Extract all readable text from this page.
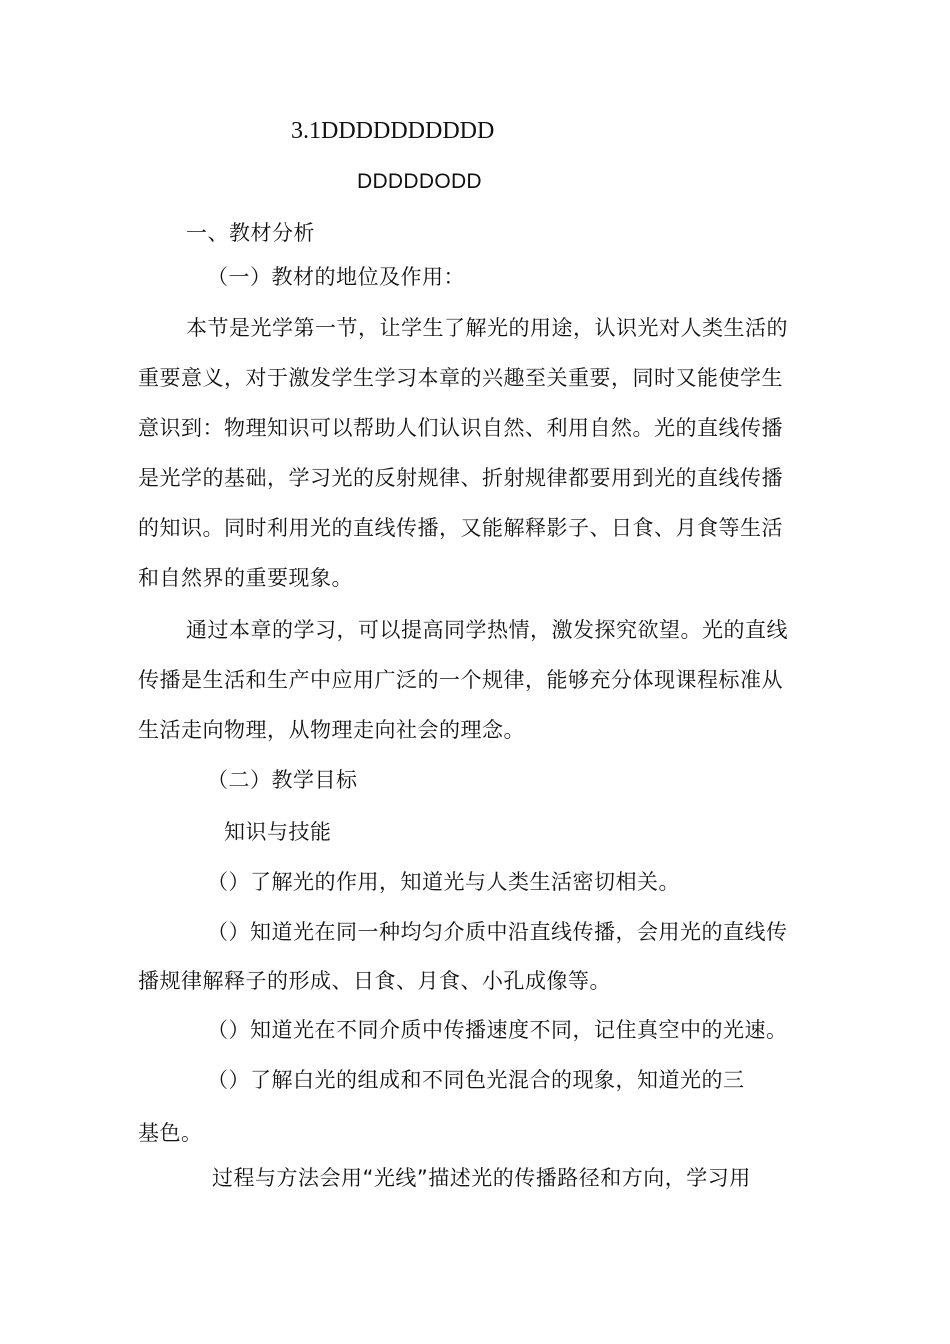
3.1DDDDDDDDDD
DDDDDODD
一、教材分析
（一）教材的地位及作用：
本节是光学第一节，让学生了解光的用途，认识光对人类生活的
重要意义，对于激发学生学习本章的兴趣至关重要，同时又能使学生
意识到：物理知识可以帮助人们认识自然、利用自然。光的直线传播
是光学的基础，学习光的反射规律、折射规律都要用到光的直线传播
的知识。同时利用光的直线传播，又能解释影子、日食、月食等生活
和自然界的重要现象。
通过本章的学习，可以提高同学热情，激发探究欲望。光的直线
传播是生活和生产中应用广泛的一个规律，能够充分体现课程标准从
生活走向物理，从物理走向社会的理念。
（二）教学目标
知识与技能
（）了解光的作用，知道光与人类生活密切相关。
（）知道光在同一种均匀介质中沿直线传播，会用光的直线传
播规律解释子的形成、日食、月食、小孔成像等。
（）知道光在不同介质中传播速度不同，记住真空中的光速。
（）了解白光的组成和不同色光混合的现象，知道光的三
基色。
过程与方法会用“光线”描述光的传播路径和方向，学习用
